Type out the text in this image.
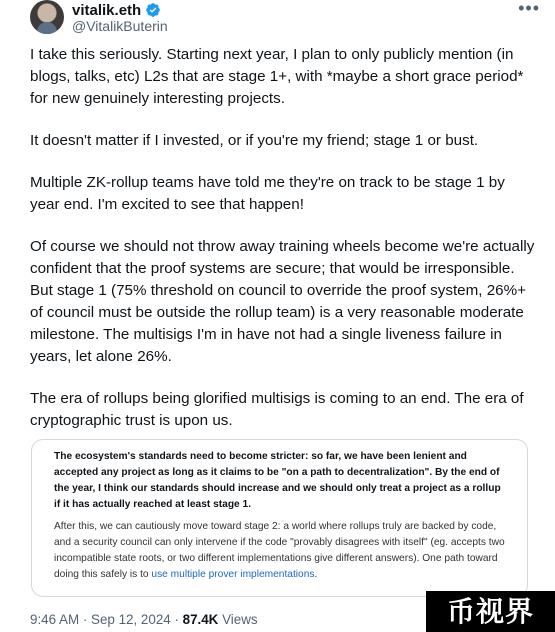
vitalik.eth
@VitalikButerin
•••

I take this seriously. Starting next year, I plan to only publicly mention (in blogs, talks, etc) L2s that are stage 1+, with *maybe a short grace period* for new genuinely interesting projects.

It doesn't matter if I invested, or if you're my friend; stage 1 or bust.

Multiple ZK-rollup teams have told me they're on track to be stage 1 by year end. I'm excited to see that happen!

Of course we should not throw away training wheels become we're actually confident that the proof systems are secure; that would be irresponsible. But stage 1 (75% threshold on council to override the proof system, 26%+ of council must be outside the rollup team) is a very reasonable moderate milestone. The multisigs I'm in have not had a single liveness failure in years, let alone 26%.

The era of rollups being glorified multisigs is coming to an end. The era of cryptographic trust is upon us.

The ecosystem's standards need to become stricter: so far, we have been lenient and accepted any project as long as it claims to be "on a path to decentralization". By the end of the year, I think our standards should increase and we should only treat a project as a rollup if it has actually reached at least stage 1.

After this, we can cautiously move toward stage 2: a world where rollups truly are backed by code, and a security council can only intervene if the code "provably disagrees with itself" (eg. accepts two incompatible state roots, or two different implementations give different answers). One path toward doing this safely is to use multiple prover implementations.

9:46 AM · Sep 12, 2024 · 87.4K Views	币视界
